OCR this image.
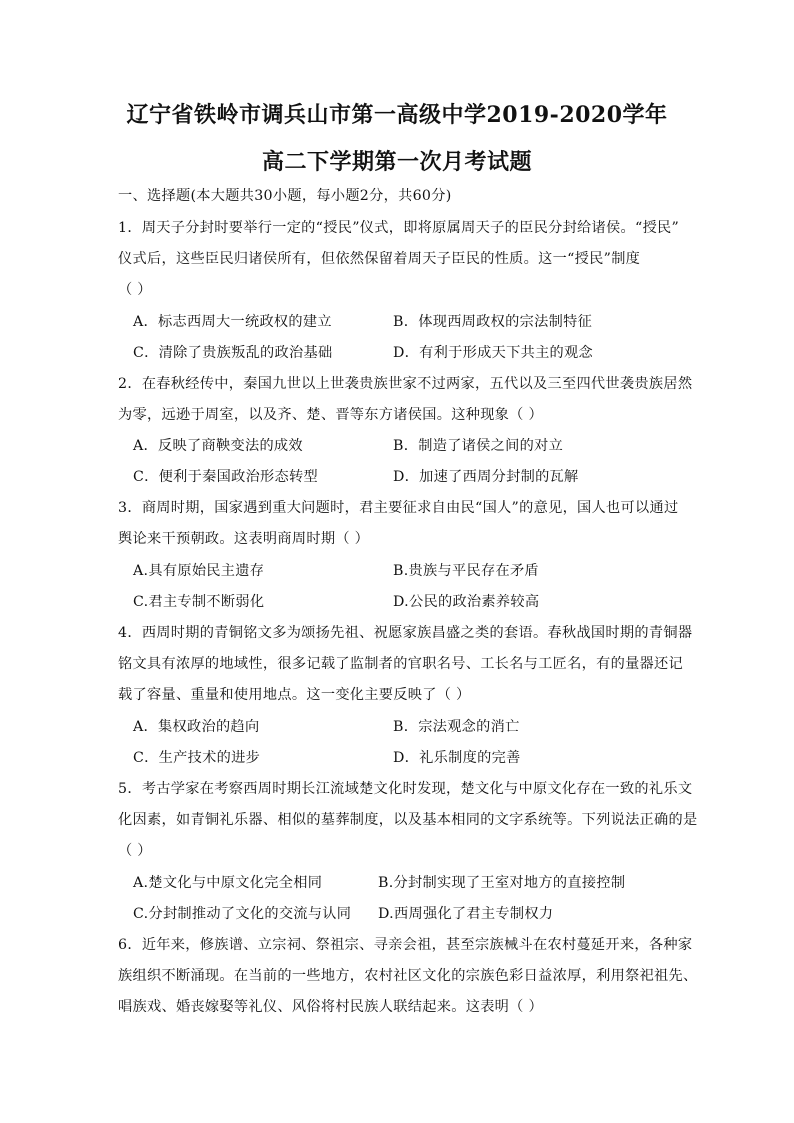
辽宁省铁岭市调兵山市第一高级中学2019-2020学年
高二下学期第一次月考试题
一、选择题(本大题共30小题，每小题2分，共60分)
1．周天子分封时要举行一定的“授民”仪式，即将原属周天子的臣民分封给诸侯。“授民”
仪式后，这些臣民归诸侯所有，但依然保留着周天子臣民的性质。这一“授民”制度
（ ）
A．标志西周大一统政权的建立	B．体现西周政权的宗法制特征
C．清除了贵族叛乱的政治基础	D．有利于形成天下共主的观念
2．在春秋经传中，秦国九世以上世袭贵族世家不过两家，五代以及三至四代世袭贵族居然
为零，远逊于周室，以及齐、楚、晋等东方诸侯国。这种现象（ ）
A．反映了商鞅变法的成效	B．制造了诸侯之间的对立
C．便利于秦国政治形态转型	D．加速了西周分封制的瓦解
3．商周时期，国家遇到重大问题时，君主要征求自由民“国人”的意见，国人也可以通过
舆论来干预朝政。这表明商周时期（ ）
A.具有原始民主遗存	B.贵族与平民存在矛盾
C.君主专制不断弱化	D.公民的政治素养较高
4．西周时期的青铜铭文多为颂扬先祖、祝愿家族昌盛之类的套语。春秋战国时期的青铜器
铭文具有浓厚的地域性，很多记载了监制者的官职名号、工长名与工匠名，有的量器还记
载了容量、重量和使用地点。这一变化主要反映了（ ）
A．集权政治的趋向	B．宗法观念的消亡
C．生产技术的进步	D．礼乐制度的完善
5．考古学家在考察西周时期长江流域楚文化时发现，楚文化与中原文化存在一致的礼乐文
化因素，如青铜礼乐器、相似的墓葬制度，以及基本相同的文字系统等。下列说法正确的是
（ ）
A.楚文化与中原文化完全相同	B.分封制实现了王室对地方的直接控制
C.分封制推动了文化的交流与认同 D.西周强化了君主专制权力
6．近年来，修族谱、立宗祠、祭祖宗、寻亲会祖，甚至宗族械斗在农村蔓延开来，各种家
族组织不断涌现。在当前的一些地方，农村社区文化的宗族色彩日益浓厚，利用祭祀祖先、
唱族戏、婚丧嫁娶等礼仪、风俗将村民族人联结起来。这表明（ ）
